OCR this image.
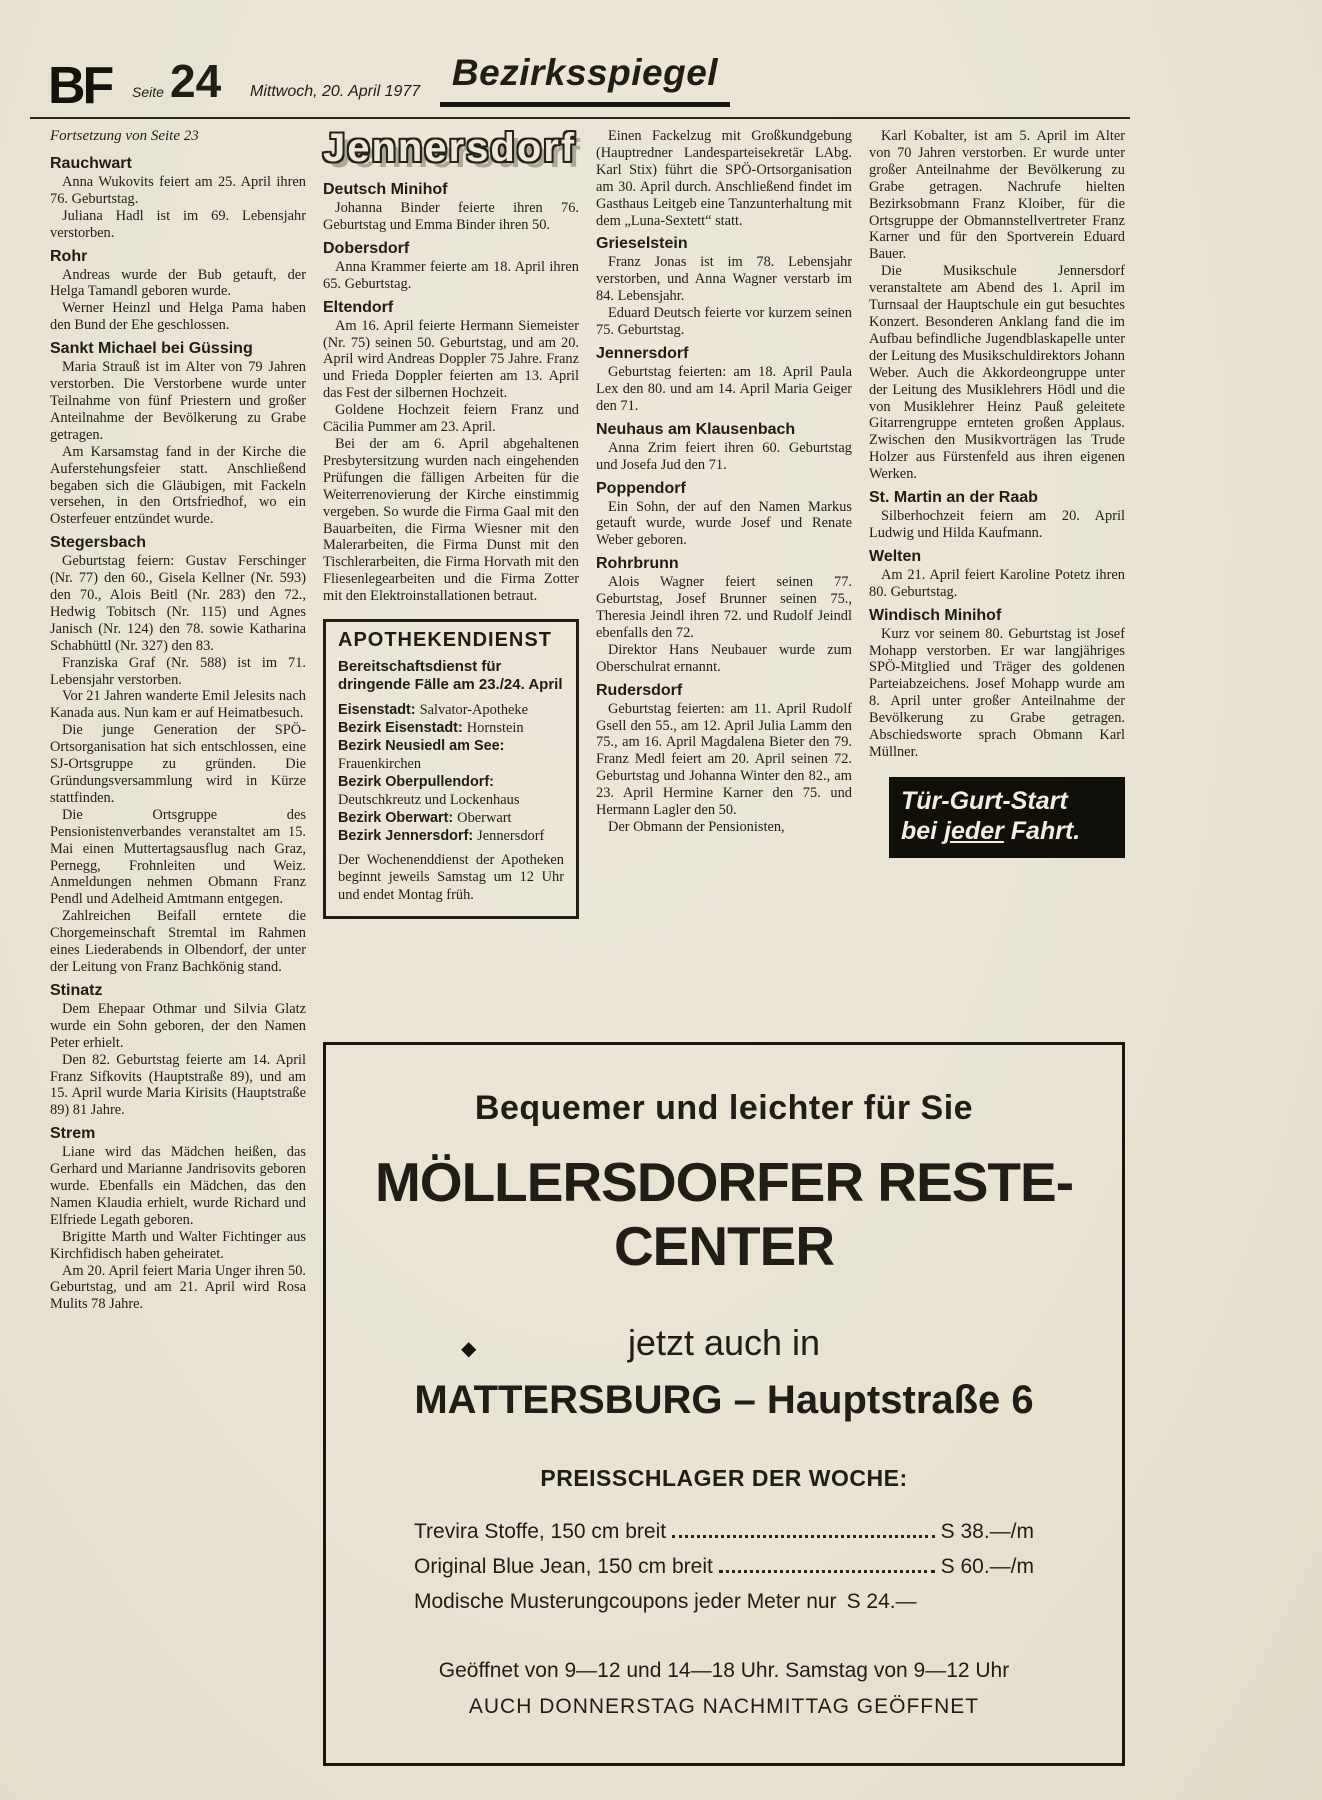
BF Seite 24 Mittwoch, 20. April 1977 Bezirksspiegel
Fortsetzung von Seite 23
Rauchwart

Anna Wukovits feiert am 25. April ihren 76. Geburtstag.

Juliana Hadl ist im 69. Lebensjahr verstorben.

Rohr

Andreas wurde der Bub getauft, der Helga Tamandl geboren wurde.

Werner Heinzl und Helga Pama haben den Bund der Ehe geschlossen.

Sankt Michael bei Güssing

Maria Strauß ist im Alter von 79 Jahren verstorben. Die Verstorbene wurde unter Teilnahme von fünf Priestern und großer Anteilnahme der Bevölkerung zu Grabe getragen.

Am Karsamstag fand in der Kirche die Auferstehungsfeier statt. Anschließend begaben sich die Gläubigen, mit Fackeln versehen, in den Ortsfriedhof, wo ein Osterfeuer entzündet wurde.

Stegersbach

Geburtstag feiern: Gustav Ferschinger (Nr. 77) den 60., Gisela Kellner (Nr. 593) den 70., Alois Beitl (Nr. 283) den 72., Hedwig Tobitsch (Nr. 115) und Agnes Janisch (Nr. 124) den 78. sowie Katharina Schabhüttl (Nr. 327) den 83.

Franziska Graf (Nr. 588) ist im 71. Lebensjahr verstorben.

Vor 21 Jahren wanderte Emil Jelesits nach Kanada aus. Nun kam er auf Heimatbesuch.

Die junge Generation der SPÖ-Ortsorganisation hat sich entschlossen, eine SJ-Ortsgruppe zu gründen. Die Gründungsversammlung wird in Kürze stattfinden.

Die Ortsgruppe des Pensionistenverbandes veranstaltet am 15. Mai einen Muttertagsausflug nach Graz, Pernegg, Frohnleiten und Weiz. Anmeldungen nehmen Obmann Franz Pendl und Adelheid Amtmann entgegen.

Zahlreichen Beifall erntete die Chorgemeinschaft Stremtal im Rahmen eines Liederabends in Olbendorf, der unter der Leitung von Franz Bachkönig stand.

Stinatz

Dem Ehepaar Othmar und Silvia Glatz wurde ein Sohn geboren, der den Namen Peter erhielt.

Den 82. Geburtstag feierte am 14. April Franz Sifkovits (Hauptstraße 89), und am 15. April wurde Maria Kirisits (Hauptstraße 89) 81 Jahre.

Strem

Liane wird das Mädchen heißen, das Gerhard und Marianne Jandrisovits geboren wurde. Ebenfalls ein Mädchen, das den Namen Klaudia erhielt, wurde Richard und Elfriede Legath geboren.

Brigitte Marth und Walter Fichtinger aus Kirchfidisch haben geheiratet.

Am 20. April feiert Maria Unger ihren 50. Geburtstag, und am 21. April wird Rosa Mulits 78 Jahre.

Jennersdorf
Deutsch Minihof

Johanna Binder feierte ihren 76. Geburtstag und Emma Binder ihren 50.

Dobersdorf

Anna Krammer feierte am 18. April ihren 65. Geburtstag.

Eltendorf

Am 16. April feierte Hermann Siemeister (Nr. 75) seinen 50. Geburtstag, und am 20. April wird Andreas Doppler 75 Jahre. Franz und Frieda Doppler feierten am 13. April das Fest der silbernen Hochzeit.

Goldene Hochzeit feiern Franz und Cäcilia Pummer am 23. April.

Bei der am 6. April abgehaltenen Presbytersitzung wurden nach eingehenden Prüfungen die fälligen Arbeiten für die Weiterrenovierung der Kirche einstimmig vergeben. So wurde die Firma Gaal mit den Bauarbeiten, die Firma Wiesner mit den Malerarbeiten, die Firma Dunst mit den Tischlerarbeiten, die Firma Horvath mit den Fliesenlegearbeiten und die Firma Zotter mit den Elektroinstallationen betraut.

APOTHEKENDIENST
Bereitschaftsdienst für dringende Fälle am 23./24. April
Eisenstadt: Salvator-Apotheke
Bezirk Eisenstadt: Hornstein
Bezirk Neusiedl am See: Frauenkirchen
Bezirk Oberpullendorf: Deutschkreutz und Lockenhaus
Bezirk Oberwart: Oberwart
Bezirk Jennersdorf: Jennersdorf

Der Wochenenddienst der Apotheken beginnt jeweils Samstag um 12 Uhr und endet Montag früh.

Einen Fackelzug mit Großkundgebung (Hauptredner Landesparteisekretär LAbg. Karl Stix) führt die SPÖ-Ortsorganisation am 30. April durch. Anschließend findet im Gasthaus Leitgeb eine Tanzunterhaltung mit dem „Luna-Sextett“ statt.

Grieselstein

Franz Jonas ist im 78. Lebensjahr verstorben, und Anna Wagner verstarb im 84. Lebensjahr.

Eduard Deutsch feierte vor kurzem seinen 75. Geburtstag.

Jennersdorf

Geburtstag feierten: am 18. April Paula Lex den 80. und am 14. April Maria Geiger den 71.

Neuhaus am Klausenbach

Anna Zrim feiert ihren 60. Geburtstag und Josefa Jud den 71.

Poppendorf

Ein Sohn, der auf den Namen Markus getauft wurde, wurde Josef und Renate Weber geboren.

Rohrbrunn

Alois Wagner feiert seinen 77. Geburtstag, Josef Brunner seinen 75., Theresia Jeindl ihren 72. und Rudolf Jeindl ebenfalls den 72.

Direktor Hans Neubauer wurde zum Oberschulrat ernannt.

Rudersdorf

Geburtstag feierten: am 11. April Rudolf Gsell den 55., am 12. April Julia Lamm den 75., am 16. April Magdalena Bieter den 79. Franz Medl feiert am 20. April seinen 72. Geburtstag und Johanna Winter den 82., am 23. April Hermine Karner den 75. und Hermann Lagler den 50.

Der Obmann der Pensionisten,

Karl Kobalter, ist am 5. April im Alter von 70 Jahren verstorben. Er wurde unter großer Anteilnahme der Bevölkerung zu Grabe getragen. Nachrufe hielten Bezirksobmann Franz Kloiber, für die Ortsgruppe der Obmannstellvertreter Franz Karner und für den Sportverein Eduard Bauer.

Die Musikschule Jennersdorf veranstaltete am Abend des 1. April im Turnsaal der Hauptschule ein gut besuchtes Konzert. Besonderen Anklang fand die im Aufbau befindliche Jugendblaskapelle unter der Leitung des Musikschuldirektors Johann Weber. Auch die Akkordeongruppe unter der Leitung des Musiklehrers Hödl und die von Musiklehrer Heinz Pauß geleitete Gitarrengruppe ernteten großen Applaus. Zwischen den Musikvorträgen las Trude Holzer aus Fürstenfeld aus ihren eigenen Werken.

St. Martin an der Raab

Silberhochzeit feiern am 20. April Ludwig und Hilda Kaufmann.

Welten

Am 21. April feiert Karoline Potetz ihren 80. Geburtstag.

Windisch Minihof

Kurz vor seinem 80. Geburtstag ist Josef Mohapp verstorben. Er war langjähriges SPÖ-Mitglied und Träger des goldenen Parteiabzeichens. Josef Mohapp wurde am 8. April unter großer Anteilnahme der Bevölkerung zu Grabe getragen. Abschiedsworte sprach Obmann Karl Müllner.

Tür-Gurt-Start
bei jeder Fahrt.
Bequemer und leichter für Sie
MÖLLERSDORFER RESTE-CENTER
◆	jetzt auch in
MATTERSBURG – Hauptstraße 6
PREISSCHLAGER DER WOCHE:
Trevira Stoffe, 150 cm breit	S 38.—/m
Original Blue Jean, 150 cm breit	S 60.—/m
Modische Musterungcoupons jeder Meter nur S 24.—
Geöffnet von 9—12 und 14—18 Uhr. Samstag von 9—12 Uhr
AUCH DONNERSTAG NACHMITTAG GEÖFFNET
